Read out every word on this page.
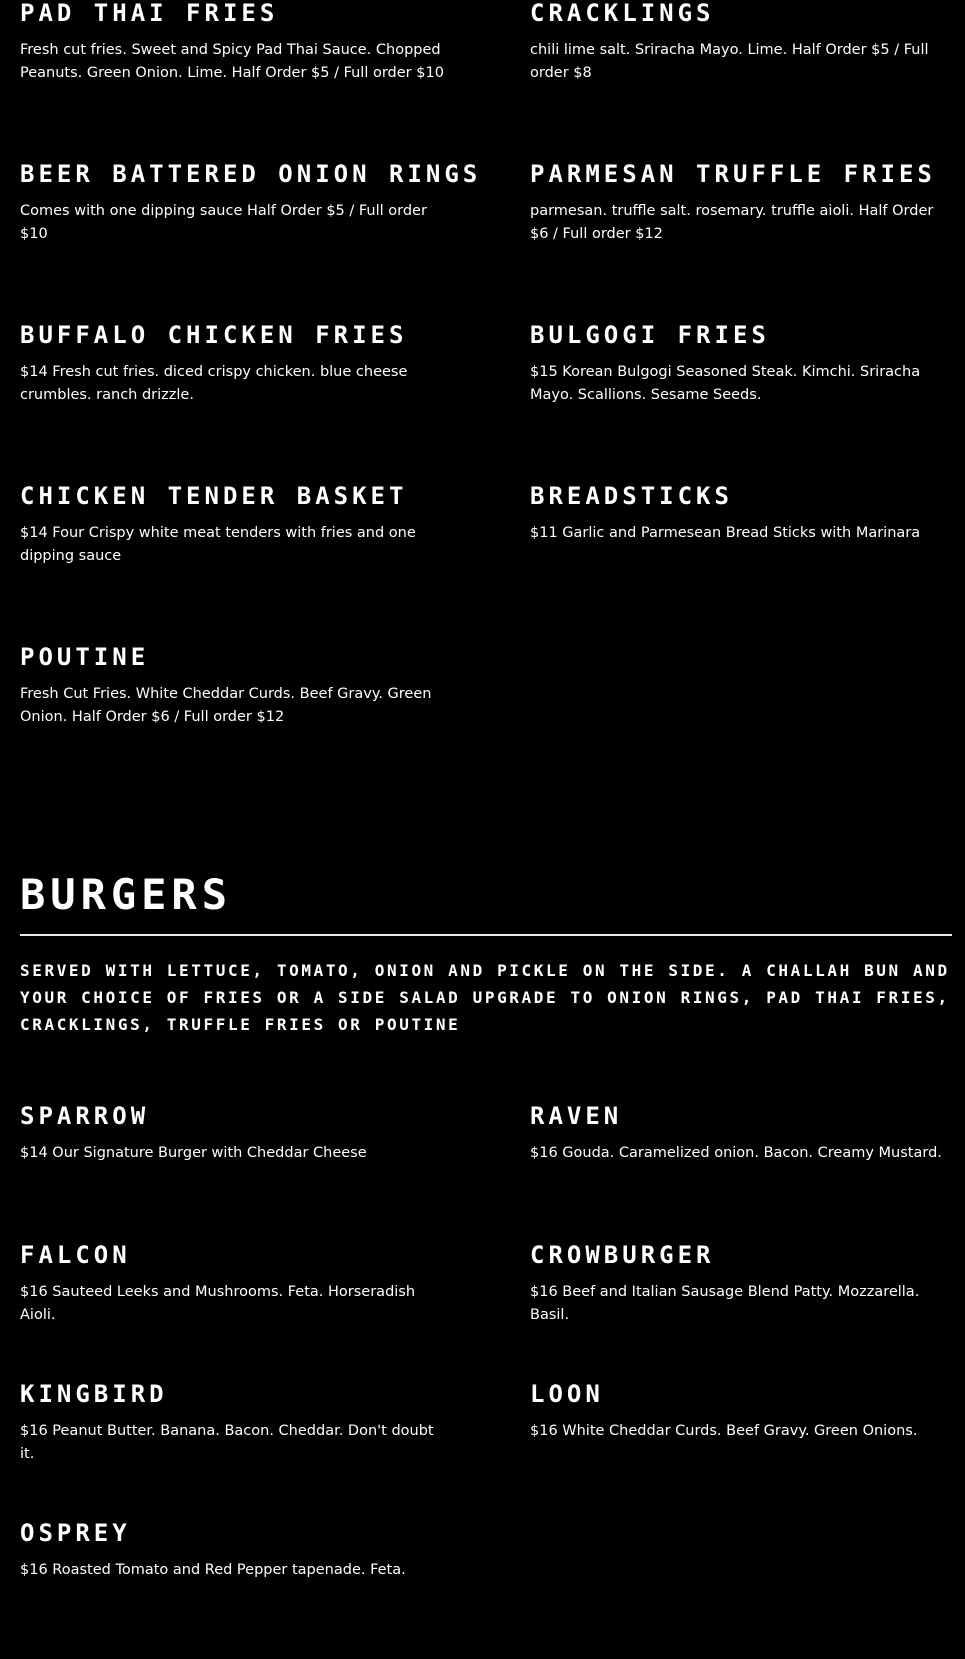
PAD THAI FRIES

Fresh cut fries. Sweet and Spicy Pad Thai Sauce. Chopped Peanuts. Green Onion. Lime. Half Order $5 / Full order $10

CRACKLINGS

chili lime salt. Sriracha Mayo. Lime. Half Order $5 / Full order $8

BEER BATTERED ONION RINGS

Comes with one dipping sauce Half Order $5 / Full order $10

PARMESAN TRUFFLE FRIES

parmesan. truffle salt. rosemary. truffle aioli. Half Order $6 / Full order $12

BUFFALO CHICKEN FRIES

$14 Fresh cut fries. diced crispy chicken. blue cheese crumbles. ranch drizzle.

BULGOGI FRIES

$15 Korean Bulgogi Seasoned Steak. Kimchi. Sriracha Mayo. Scallions. Sesame Seeds.

CHICKEN TENDER BASKET

$14 Four Crispy white meat tenders with fries and one dipping sauce

BREADSTICKS

$11 Garlic and Parmesean Bread Sticks with Marinara

POUTINE

Fresh Cut Fries. White Cheddar Curds. Beef Gravy. Green Onion. Half Order $6 / Full order $12

BURGERS

SERVED WITH LETTUCE, TOMATO, ONION AND PICKLE ON THE SIDE. A CHALLAH BUN AND YOUR CHOICE OF FRIES OR A SIDE SALAD UPGRADE TO ONION RINGS, PAD THAI FRIES, CRACKLINGS, TRUFFLE FRIES OR POUTINE

SPARROW

$14 Our Signature Burger with Cheddar Cheese

RAVEN

$16 Gouda. Caramelized onion. Bacon. Creamy Mustard.

FALCON

$16 Sauteed Leeks and Mushrooms. Feta. Horseradish Aioli.

CROWBURGER

$16 Beef and Italian Sausage Blend Patty. Mozzarella. Basil.

KINGBIRD

$16 Peanut Butter. Banana. Bacon. Cheddar. Don't doubt it.

LOON

$16 White Cheddar Curds. Beef Gravy. Green Onions.

OSPREY

$16 Roasted Tomato and Red Pepper tapenade. Feta.
